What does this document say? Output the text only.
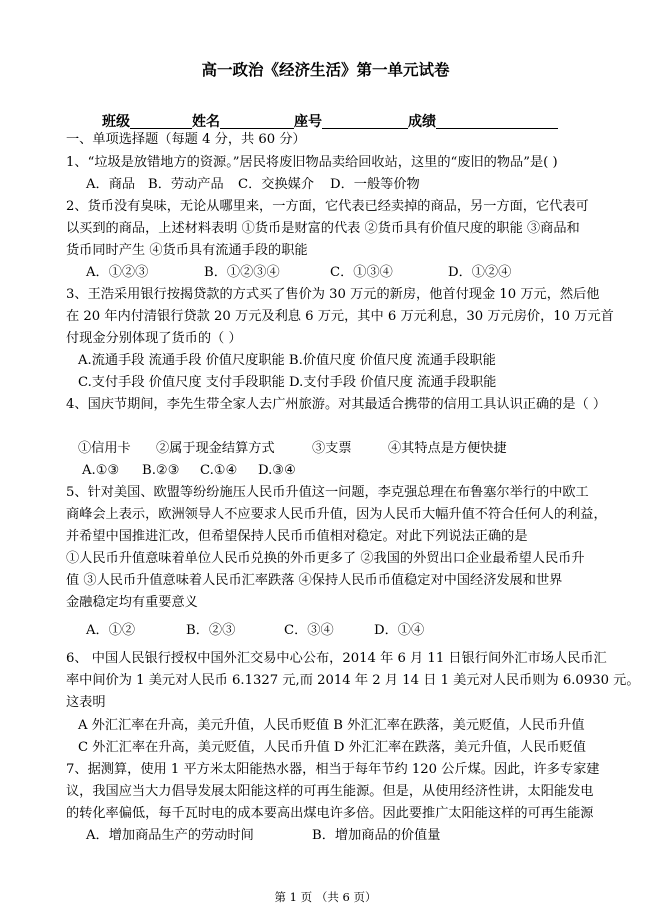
高一政治《经济生活》第一单元试卷
班级	姓名	座号	成绩
一、单项选择题（每题 4 分，共 60 分）
1、“垃圾是放错地方的资源。”居民将废旧物品卖给回收站，这里的“废旧的物品”是( )
A．商品 B．劳动产品 C．交换媒介 D．一般等价物
2、货币没有臭味，无论从哪里来，一方面，它代表已经卖掉的商品，另一方面，它代表可
以买到的商品，上述材料表明 ①货币是财富的代表 ②货币具有价值尺度的职能 ③商品和
货币同时产生 ④货币具有流通手段的职能
A．①②③	B．①②③④	C．①③④	D．①②④
3、王浩采用银行按揭贷款的方式买了售价为 30 万元的新房，他首付现金 10 万元，然后他
在 20 年内付清银行贷款 20 万元及利息 6 万元，其中 6 万元利息，30 万元房价，10 万元首
付现金分别体现了货币的（ ）
A.流通手段 流通手段 价值尺度职能 B.价值尺度 价值尺度 流通手段职能
C.支付手段 价值尺度 支付手段职能 D.支付手段 价值尺度 流通手段职能
4、国庆节期间，李先生带全家人去广州旅游。对其最适合携带的信用工具认识正确的是（ ）
①信用卡 ②属于现金结算方式	③支票	④其特点是方便快捷
A.①③ B.②③ C.①④ D.③④
5、针对美国、欧盟等纷纷施压人民币升值这一问题，李克强总理在布鲁塞尔举行的中欧工
商峰会上表示，欧洲领导人不应要求人民币升值，因为人民币大幅升值不符合任何人的利益，
并希望中国推进汇改，但希望保持人民币币值相对稳定。对此下列说法正确的是
①人民币升值意味着单位人民币兑换的外币更多了 ②我国的外贸出口企业最希望人民币升
值 ③人民币升值意味着人民币汇率跌落 ④保持人民币币值稳定对中国经济发展和世界
金融稳定均有重要意义
A．①②	B．②③	C．③④	D．①④
6、 中国人民银行授权中国外汇交易中心公布，2014 年 6 月 11 日银行间外汇市场人民币汇
率中间价为 1 美元对人民币 6.1327 元,而 2014 年 2 月 14 日 1 美元对人民币则为 6.0930 元。
这表明
A 外汇汇率在升高，美元升值，人民币贬值 B 外汇汇率在跌落，美元贬值，人民币升值
C 外汇汇率在升高，美元贬值，人民币升值 D 外汇汇率在跌落，美元升值，人民币贬值
7、据测算，使用 1 平方米太阳能热水器，相当于每年节约 120 公斤煤。因此，许多专家建
议，我国应当大力倡导发展太阳能这样的可再生能源。但是，从使用经济性讲，太阳能发电
的转化率偏低，每千瓦时电的成本要高出煤电许多倍。因此要推广太阳能这样的可再生能源
A．增加商品生产的劳动时间	B．增加商品的价值量
第 1 页 （共 6 页）
